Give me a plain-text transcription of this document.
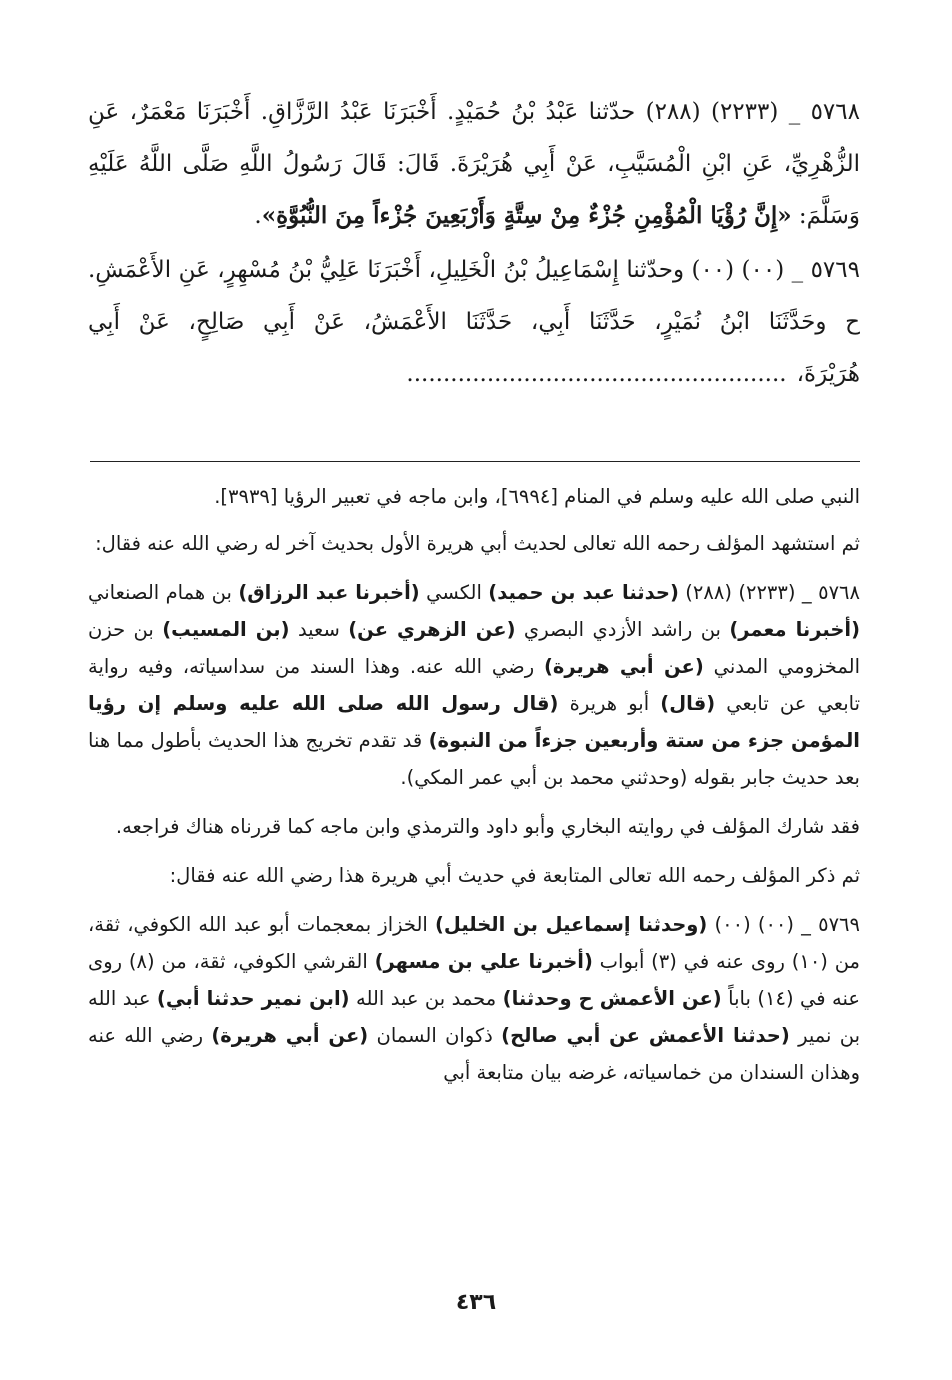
٥٧٦٨ _ (٢٢٣٣) (٢٨٨) حدّثنا عَبْدُ بْنُ حُمَيْدٍ. أَخْبَرَنَا عَبْدُ الرَّزَّاقِ. أَخْبَرَنَا مَعْمَرٌ، عَنِ الزُّهْرِيِّ، عَنِ ابْنِ الْمُسَيَّبِ، عَنْ أَبِي هُرَيْرَةَ. قَالَ: قَالَ رَسُولُ اللَّهِ صَلَّى اللَّهُ عَلَيْهِ وَسَلَّمَ: «إِنَّ رُؤْيَا الْمُؤْمِنِ جُزْءٌ مِنْ سِتَّةٍ وَأَرْبَعِينَ جُزْءاً مِنَ النُّبُوَّةِ».

٥٧٦٩ _ (٠٠) (٠٠) وحدّثنا إِسْمَاعِيلُ بْنُ الْخَلِيلِ، أَخْبَرَنَا عَلِيُّ بْنُ مُسْهِرٍ، عَنِ الأَعْمَشِ. ح وحَدَّثَنَا ابْنُ نُمَيْرٍ، حَدَّثَنَا أَبِي، حَدَّثَنَا الأَعْمَشُ، عَنْ أَبِي صَالِحٍ، عَنْ أَبِي هُرَيْرَةَ،....................................................

النبي صلى الله عليه وسلم في المنام [٦٩٩٤]، وابن ماجه في تعبير الرؤيا [٣٩٣٩].

ثم استشهد المؤلف رحمه الله تعالى لحديث أبي هريرة الأول بحديث آخر له رضي الله عنه فقال:

٥٧٦٨ _ (٢٢٣٣) (٢٨٨) (حدثنا عبد بن حميد) الكسي (أخبرنا عبد الرزاق) بن همام الصنعاني (أخبرنا معمر) بن راشد الأزدي البصري (عن الزهري عن) سعيد (بن المسيب) بن حزن المخزومي المدني (عن أبي هريرة) رضي الله عنه. وهذا السند من سداسياته، وفيه رواية تابعي عن تابعي (قال) أبو هريرة (قال رسول الله صلى الله عليه وسلم إن رؤيا المؤمن جزء من ستة وأربعين جزءاً من النبوة) قد تقدم تخريج هذا الحديث بأطول مما هنا بعد حديث جابر بقوله (وحدثني محمد بن أبي عمر المكي).

فقد شارك المؤلف في روايته البخاري وأبو داود والترمذي وابن ماجه كما قررناه هناك فراجعه.

ثم ذكر المؤلف رحمه الله تعالى المتابعة في حديث أبي هريرة هذا رضي الله عنه فقال:

٥٧٦٩ _ (٠٠) (٠٠) (وحدثنا إسماعيل بن الخليل) الخزاز بمعجمات أبو عبد الله الكوفي، ثقة، من (١٠) روى عنه في (٣) أبواب (أخبرنا علي بن مسهر) القرشي الكوفي، ثقة، من (٨) روى عنه في (١٤) باباً (عن الأعمش ح وحدثنا) محمد بن عبد الله (ابن نمير حدثنا أبي) عبد الله بن نمير (حدثنا الأعمش عن أبي صالح) ذكوان السمان (عن أبي هريرة) رضي الله عنه وهذان السندان من خماسياته، غرضه بيان متابعة أبي

٤٣٦
